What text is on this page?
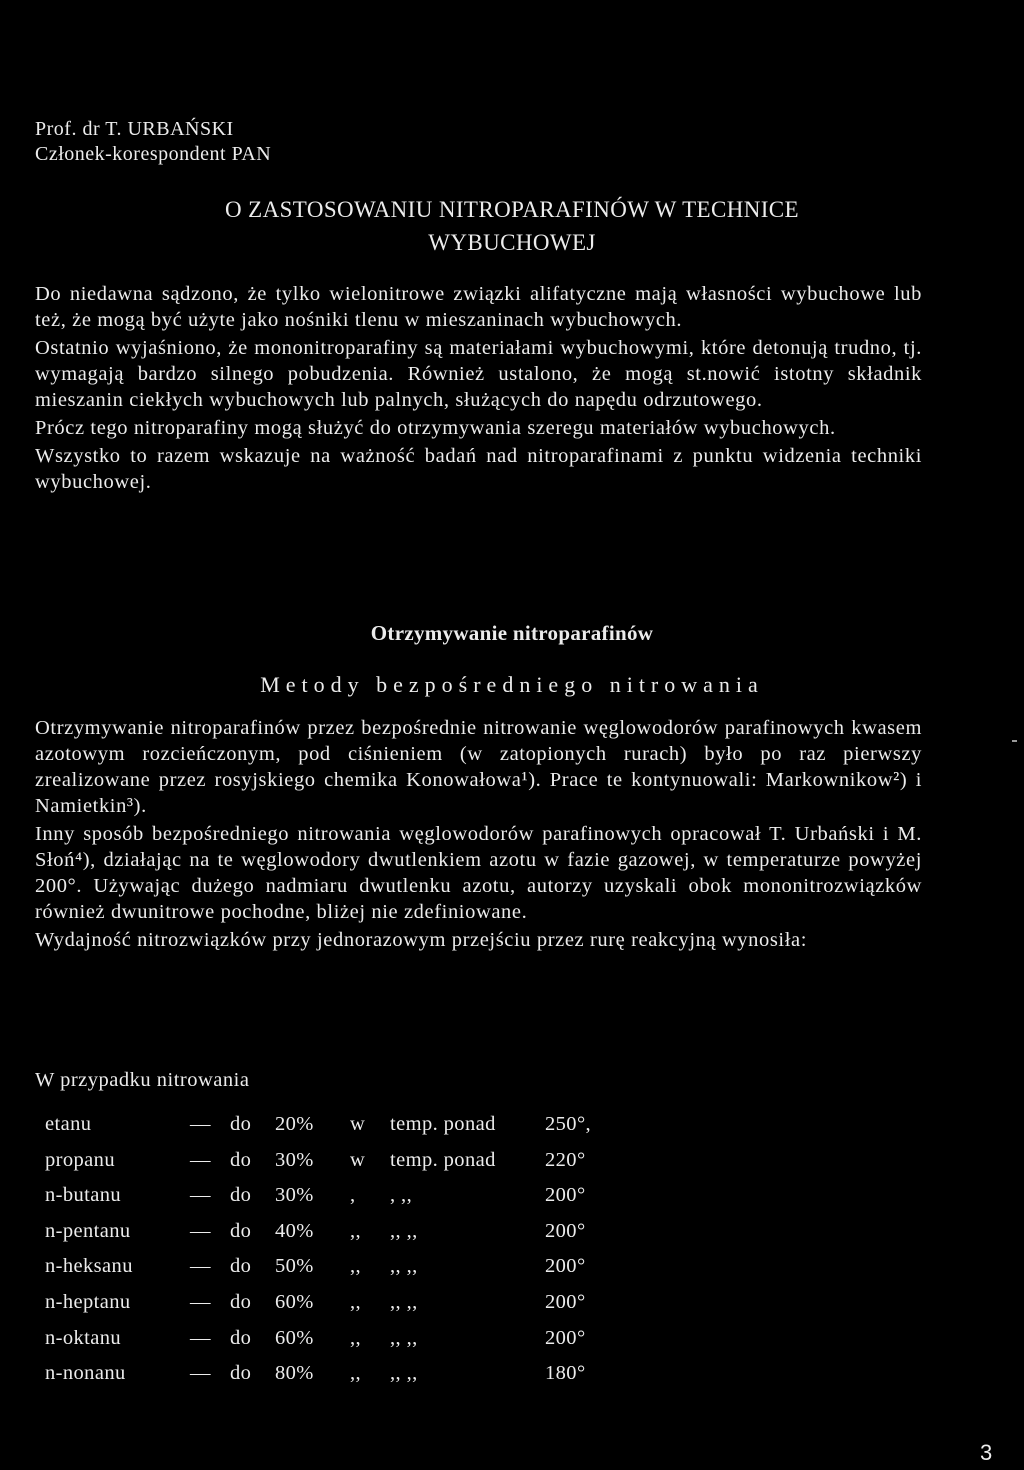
Prof. dr T. URBAŃSKI
Członek-korespondent PAN
O ZASTOSOWANIU NITROPARAFINÓW W TECHNICE
WYBUCHOWEJ

Do niedawna sądzono, że tylko wielonitrowe związki alifatyczne mają własności wybuchowe lub też, że mogą być użyte jako nośniki tlenu w mieszaninach wybuchowych.

Ostatnio wyjaśniono, że mononitroparafiny są materiałami wybuchowymi, które detonują trudno, tj. wymagają bardzo silnego pobudzenia. Również ustalono, że mogą st.nowić istotny składnik mieszanin ciekłych wybuchowych lub palnych, służących do napędu odrzutowego.

Prócz tego nitroparafiny mogą służyć do otrzymywania szeregu materiałów wybuchowych.

Wszystko to razem wskazuje na ważność badań nad nitroparafinami z punktu widzenia techniki wybuchowej.

Otrzymywanie nitroparafinów
Metody bezpośredniego nitrowania

Otrzymywanie nitroparafinów przez bezpośrednie nitrowanie węglowodorów parafinowych kwasem azotowym rozcieńczonym, pod ciśnieniem (w zatopionych rurach) było po raz pierwszy zrealizowane przez rosyjskiego chemika Konowałowa¹). Prace te kontynuowali: Markownikow²) i Namietkin³).

Inny sposób bezpośredniego nitrowania węglowodorów parafinowych opracował T. Urbański i M. Słoń⁴), działając na te węglowodory dwutlenkiem azotu w fazie gazowej, w temperaturze powyżej 200°. Używając dużego nadmiaru dwutlenku azotu, autorzy uzyskali obok mononitrozwiązków również dwunitrowe pochodne, bliżej nie zdefiniowane.

Wydajność nitrozwiązków przy jednorazowym przejściu przez rurę reakcyjną wynosiła:

W przypadku nitrowania
etanu	— do 20% w temp. ponad 250°,
propanu	— do 30% w temp. ponad 220°
n-butanu	— do 30% , , ,,	200°
n-pentanu	— do 40% ,, ,, ,,	200°
n-heksanu	— do 50% ,, ,, ,,	200°
n-heptanu	— do 60% ,, ,, ,,	200°
n-oktanu	— do 60% ,, ,, ,,	200°
n-nonanu	— do 80% ,, ,, ,,	180°
3
